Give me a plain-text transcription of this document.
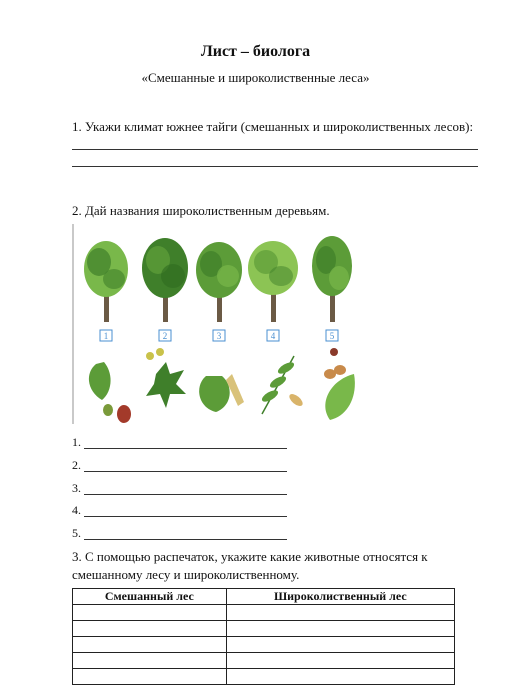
Лист – биолога
«Смешанные и широколиственные леса»
1. Укажи климат южнее тайги (смешанных и широколиственных лесов):
2. Дай названия широколиственным деревьям.
1	2	3	4	5
1.
2.
3.
4.
5.
3. С помощью распечаток, укажите какие животные относятся к
смешанному лесу и широколиственному.
Смешанный лес	Широколиственный лес
